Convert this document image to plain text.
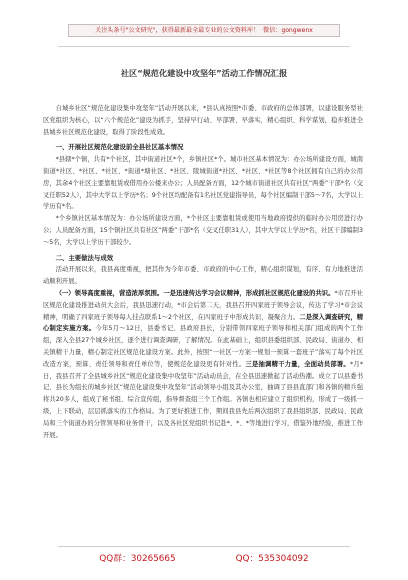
关注头条号"公文研究"，获得最新最全最专业的公文资料库！ 微信：gongwenx
社区“规范化建设中攻坚年”活动工作情况汇报

自城乡社区“规范化建设集中攻坚年”活动开展以来，*县认真按照*市委、市政府的总体部署，以建设服务型社区党组织为核心，以“六个规范化”建设为抓手，坚持早行动、早部署、早落实，精心组织、科学谋划，稳步推进全县城乡社区规范化建设，取得了阶段性成效。

一、开展社区规范化建设前全县社区基本情况

*县辖*个镇，共有*个社区，其中街道社区*个，乡镇社区*个。城市社区基本情况为：办公场所建设方面，城南街道*社区、*社区、*社区、*街道*塘社区、*社区、陵城街道*社区、*社区、*社区等8个社区拥有自己的办公用房，其余4个社区主要靠租赁或借用办公楼来办公；人员配备方面，12个城市街道社区共有社区“两委”干部*名（交叉任职52人），其中大学以上学历*名；9个社区均配备有1名社区党建指导员，每个社区编制干部5～7名，大学以上学历有*名。

*个乡镇社区基本情况为：办公场所建设方面，*个社区主要靠租赁或使用当地政府提供的临时办公用房进行办公；人员配备方面，15个镇社区共有社区“两委”干部*名（交叉任职31人），其中大学以上学历*名，社区干部编制3～5名，大学以上学历干部较少。

二、主要做法与成效

活动开展以来，我县高度重视，把其作为今年市委、市政府的中心工作，精心组织谋划，有序、有力地推进活动顺利开展。

（一）领导高度重视，营造浓厚氛围。一是迅速传达学习会议精神，形成抓社区规范化建设的共识。*市召开社区规范化建设推进动员大会后，我县迅速行动，*市会后第二天，我县召开四家班子领导会议，传达了学习*市会议精神，明确了四家班子领导每人挂点联系1～2个社区，在四家班子中形成共识，凝聚合力。二是深入调查研究，精心制定实施方案。今年5月～12日，县委书记、县政府县长，分别带领四家班子领导和相关部门组成的两个工作组，深入全县27个城乡社区，逐个进行调查调研，了解情况。在此基础上，组织县委组织部、民政局、街道办、相关镇精干力量，精心制定社区规范化建设方案。此外，按照“一社区一方案一规划一预算一套班子”落实了每个社区改造方案，预算、责任领导和责任单位等，使规范化建设更有针对性。三是抽调精干力量，全面动员部署。*月*日，我县召开了全县城乡社区“规范化建设集中攻坚年”活动动员会，在全县迅速掀起了活动热潮。成立了以县委书记、县长为组长的城乡社区“规范化建设集中攻坚年”活动领导小组及其办公室，抽调了县县直部门和各镇的精兵强将共20多人，组成了秘书组、综合宣传组，指导督查组三个工作组。各镇也相应建立了组织机构，形成了一级抓一级，上下联动，层层抓落实的工作格局。为了更好推进工作，期间我县先后两次组织了我县组织部、民政局、民政局和三个街道办的分管领导和业务骨干，以及各社区党组织书记赴*、*、*等地进行学习，借鉴外地经验，推进工作开展。

QQ群：30265665	QQ：535304092
